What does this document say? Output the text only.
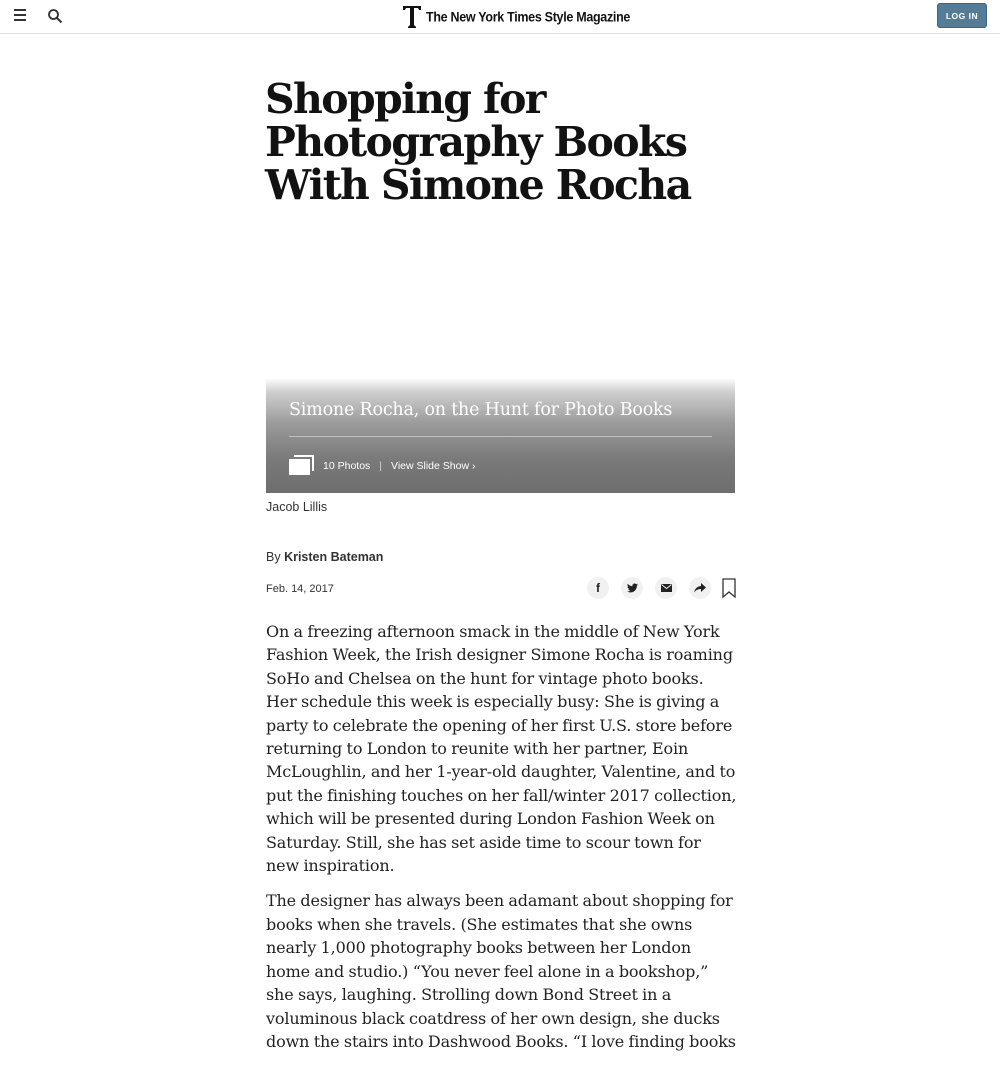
The New York Times Style Magazine	LOG IN
Shopping for Photography Books With Simone Rocha
Simone Rocha, on the Hunt for Photo Books
10 Photos | View Slide Show ›
Jacob Lillis
By Kristen Bateman
Feb. 14, 2017	f

On a freezing afternoon smack in the middle of New York Fashion Week, the Irish designer Simone Rocha is roaming SoHo and Chelsea on the hunt for vintage photo books. Her schedule this week is especially busy: She is giving a party to celebrate the opening of her first U.S. store before returning to London to reunite with her partner, Eoin McLoughlin, and her 1-year-old daughter, Valentine, and to put the finishing touches on her fall/winter 2017 collection, which will be presented during London Fashion Week on Saturday. Still, she has set aside time to scour town for new inspiration.

The designer has always been adamant about shopping for books when she travels. (She estimates that she owns nearly 1,000 photography books between her London home and studio.) “You never feel alone in a bookshop,” she says, laughing. Strolling down Bond Street in a voluminous black coatdress of her own design, she ducks down the stairs into Dashwood Books. “I love finding books
